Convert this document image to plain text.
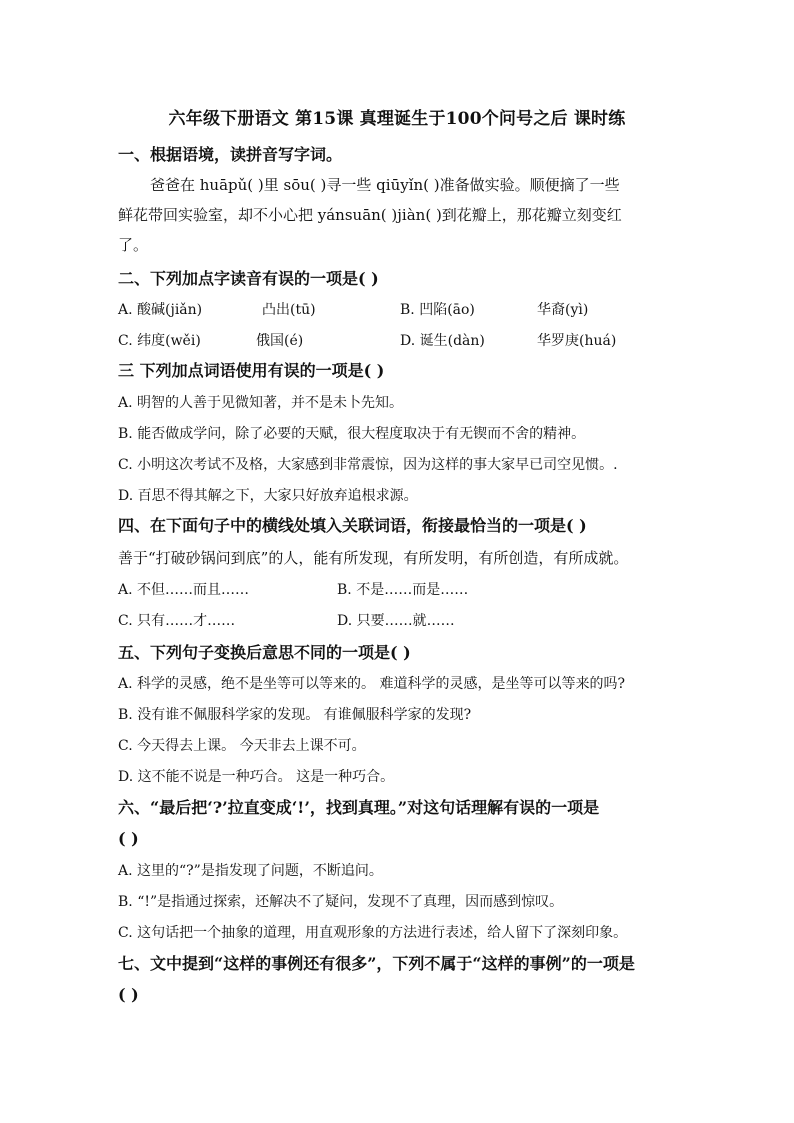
六年级下册语文 第15课 真理诞生于100个问号之后 课时练
一、根据语境，读拼音写字词。
爸爸在 huāpǔ( )里 sōu( )寻一些 qiūyǐn( )准备做实验。顺便摘了一些
鲜花带回实验室，却不小心把 yánsuān( )jiàn( )到花瓣上，那花瓣立刻变红
了。
二、下列加点字读音有误的一项是( )
A. 酸碱(jiǎn)	凸出(tū)	B. 凹陷(āo)	华裔(yì)
C. 纬度(wěi)	俄国(é)	D. 诞生(dàn)	华罗庚(huá)
三 下列加点词语使用有误的一项是( )
A. 明智的人善于见微知著，并不是未卜先知。
B. 能否做成学问，除了必要的天赋，很大程度取决于有无锲而不舍的精神。
C. 小明这次考试不及格，大家感到非常震惊，因为这样的事大家早已司空见惯。.
D. 百思不得其解之下，大家只好放弃追根求源。
四、在下面句子中的横线处填入关联词语，衔接最恰当的一项是( )
善于“打破砂锅问到底”的人，能有所发现，有所发明，有所创造，有所成就。
A. 不但……而且……	B. 不是……而是……
C. 只有……才……	D. 只要……就……
五、下列句子变换后意思不同的一项是( )
A. 科学的灵感，绝不是坐等可以等来的。 难道科学的灵感，是坐等可以等来的吗?
B. 没有谁不佩服科学家的发现。 有谁佩服科学家的发现?
C. 今天得去上课。 今天非去上课不可。
D. 这不能不说是一种巧合。 这是一种巧合。
六、“最后把‘?’拉直变成‘!’，找到真理。”对这句话理解有误的一项是
( )
A. 这里的“?”是指发现了问题，不断追问。
B. “!”是指通过探索，还解决不了疑问，发现不了真理，因而感到惊叹。
C. 这句话把一个抽象的道理，用直观形象的方法进行表述，给人留下了深刻印象。
七、文中提到“这样的事例还有很多”，下列不属于“这样的事例”的一项是
( )
